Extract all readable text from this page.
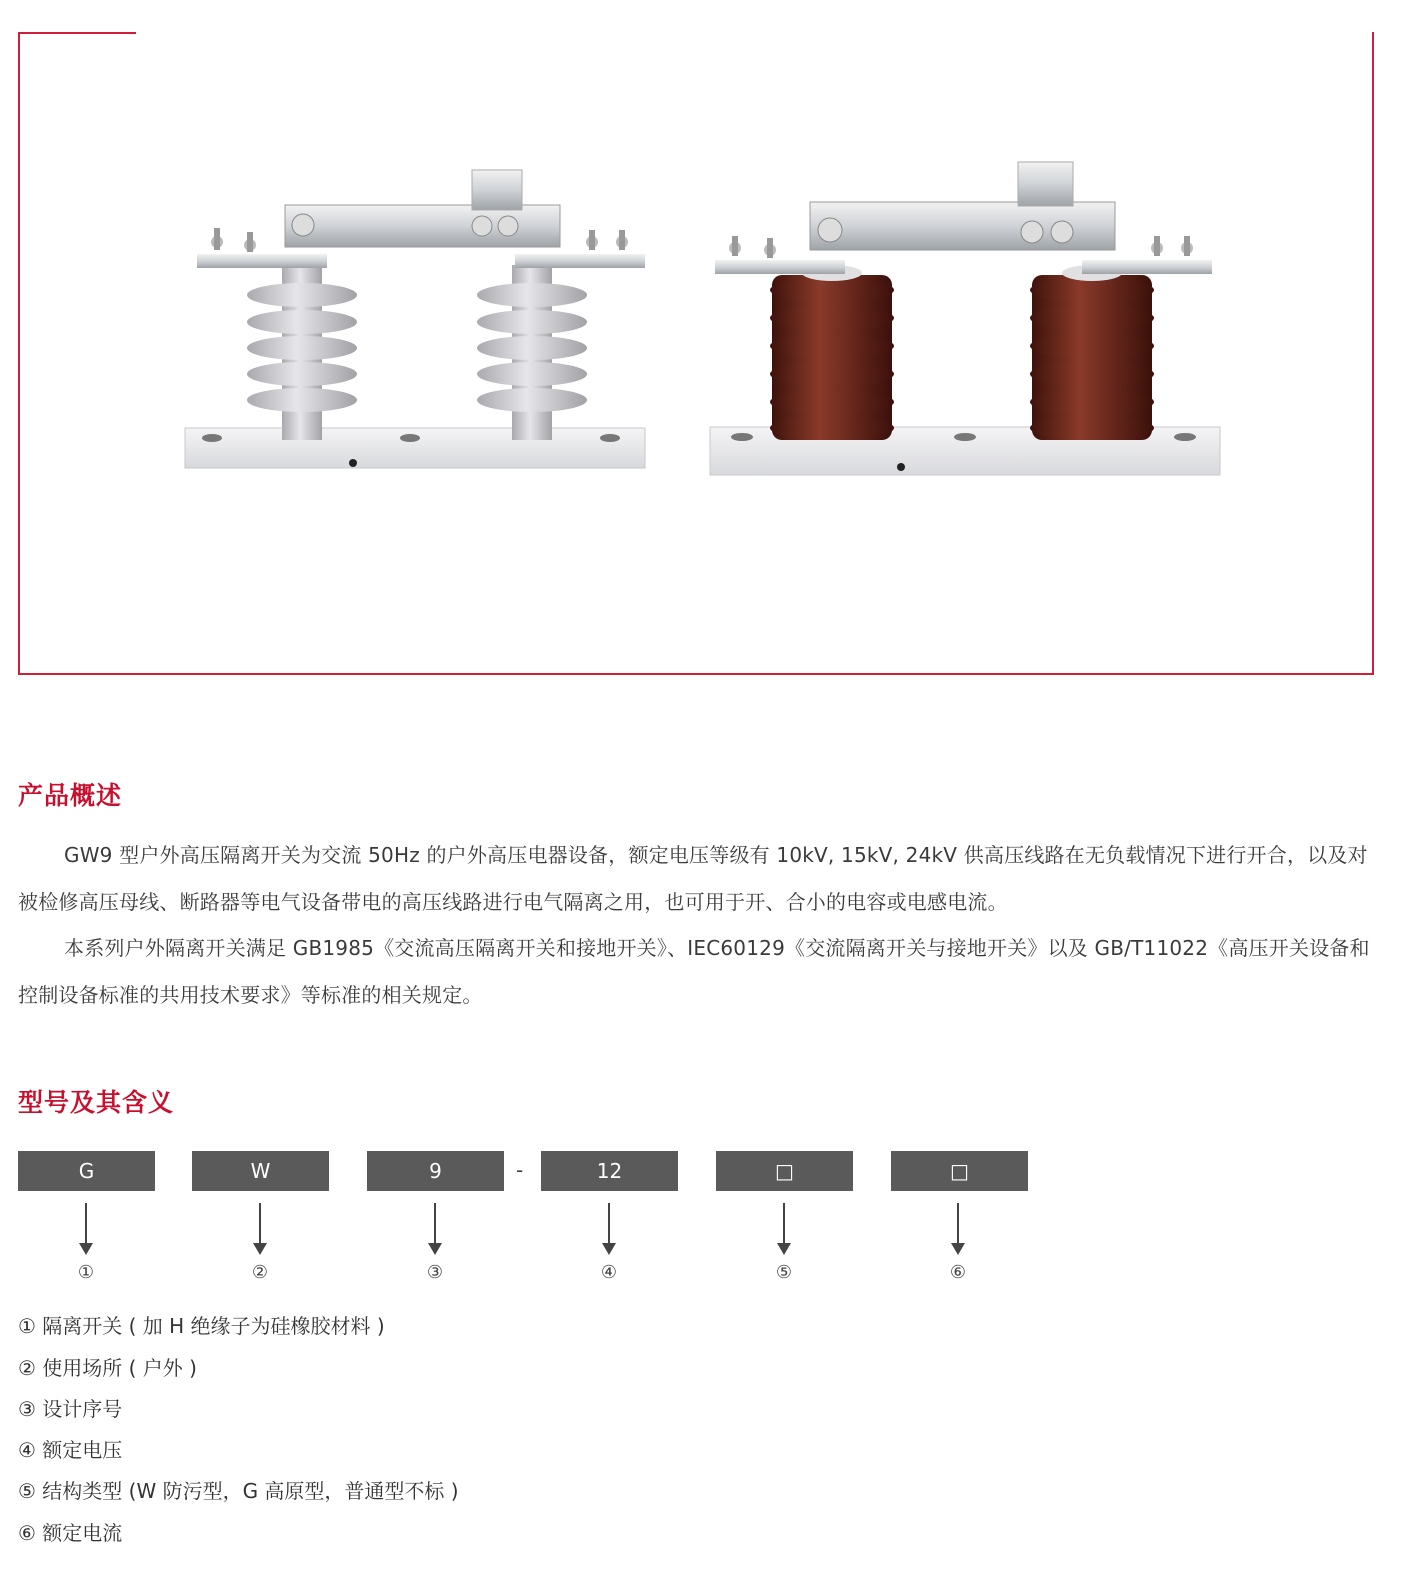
产品概述

GW9 型户外高压隔离开关为交流 50Hz 的户外高压电器设备，额定电压等级有 10kV, 15kV, 24kV 供高压线路在无负载情况下进行开合，以及对被检修高压母线、断路器等电气设备带电的高压线路进行电气隔离之用，也可用于开、合小的电容或电感电流。

本系列户外隔离开关满足 GB1985《交流高压隔离开关和接地开关》、IEC60129《交流隔离开关与接地开关》以及 GB/T11022《高压开关设备和控制设备标准的共用技术要求》等标准的相关规定。

型号及其含义
G	W	9	-	12	□	□
①	②	③	④	⑤	⑥
① 隔离开关 ( 加 H 绝缘子为硅橡胶材料 )
② 使用场所 ( 户外 )
③ 设计序号
④ 额定电压
⑤ 结构类型 (W 防污型，G 高原型，普通型不标 )
⑥ 额定电流
